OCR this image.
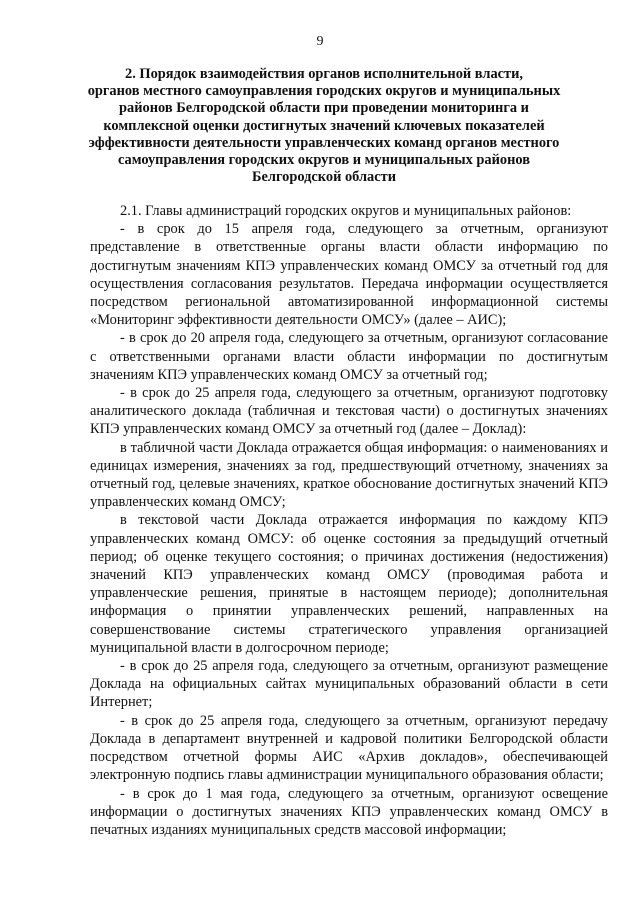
9
2. Порядок взаимодействия органов исполнительной власти,
органов местного самоуправления городских округов и муниципальных
районов Белгородской области при проведении мониторинга и
комплексной оценки достигнутых значений ключевых показателей
эффективности деятельности управленческих команд органов местного
самоуправления городских округов и муниципальных районов
Белгородской области

2.1. Главы администраций городских округов и муниципальных районов:

- в срок до 15 апреля года, следующего за отчетным, организуют представление в ответственные органы власти области информацию по достигнутым значениям КПЭ управленческих команд ОМСУ за отчетный год для осуществления согласования результатов. Передача информации осуществляется посредством региональной автоматизированной информационной системы «Мониторинг эффективности деятельности ОМСУ» (далее – АИС);

- в срок до 20 апреля года, следующего за отчетным, организуют согласование с ответственными органами власти области информации по достигнутым значениям КПЭ управленческих команд ОМСУ за отчетный год;

- в срок до 25 апреля года, следующего за отчетным, организуют подготовку аналитического доклада (табличная и текстовая части) о достигнутых значениях КПЭ управленческих команд ОМСУ за отчетный год (далее – Доклад):

в табличной части Доклада отражается общая информация: о наименованиях и единицах измерения, значениях за год, предшествующий отчетному, значениях за отчетный год, целевые значениях, краткое обоснование достигнутых значений КПЭ управленческих команд ОМСУ;

в текстовой части Доклада отражается информация по каждому КПЭ управленческих команд ОМСУ: об оценке состояния за предыдущий отчетный период; об оценке текущего состояния; о причинах достижения (недостижения) значений КПЭ управленческих команд ОМСУ (проводимая работа и управленческие решения, принятые в настоящем периоде); дополнительная информация о принятии управленческих решений, направленных на совершенствование системы стратегического управления организацией муниципальной власти в долгосрочном периоде;

- в срок до 25 апреля года, следующего за отчетным, организуют размещение Доклада на официальных сайтах муниципальных образований области в сети Интернет;

- в срок до 25 апреля года, следующего за отчетным, организуют передачу Доклада в департамент внутренней и кадровой политики Белгородской области посредством отчетной формы АИС «Архив докладов», обеспечивающей электронную подпись главы администрации муниципального образования области;

- в срок до 1 мая года, следующего за отчетным, организуют освещение информации о достигнутых значениях КПЭ управленческих команд ОМСУ в печатных изданиях муниципальных средств массовой информации;
